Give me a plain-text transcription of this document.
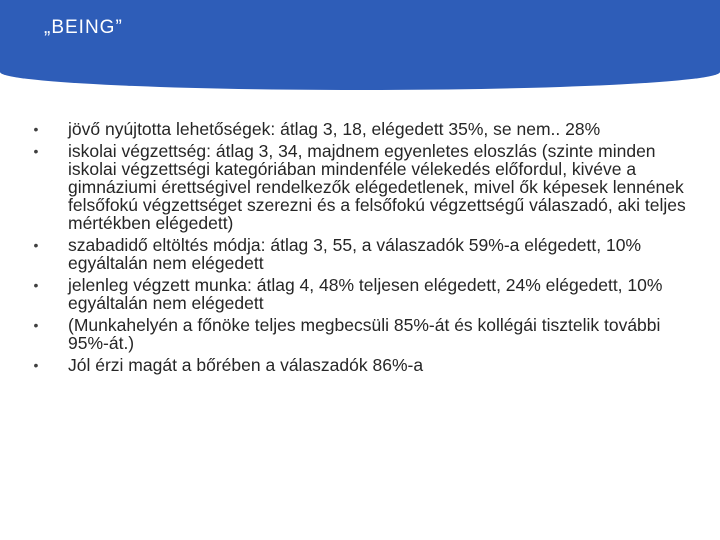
„BEING”
• jövő nyújtotta lehetőségek: átlag 3, 18, elégedett 35%, se nem.. 28%
• iskolai végzettség: átlag 3, 34, majdnem egyenletes eloszlás (szinte minden iskolai végzettségi kategóriában mindenféle vélekedés előfordul, kivéve a gimnáziumi érettségivel rendelkezők elégedetlenek, mivel ők képesek lennének felsőfokú végzettséget szerezni és a felsőfokú végzettségű válaszadó, aki teljes mértékben elégedett)
• szabadidő eltöltés módja: átlag 3, 55, a válaszadók 59%-a elégedett, 10% egyáltalán nem elégedett
• jelenleg végzett munka: átlag 4, 48% teljesen elégedett, 24% elégedett, 10% egyáltalán nem elégedett
• (Munkahelyén a főnöke teljes megbecsüli 85%-át és kollégái tisztelik további 95%-át.)
• Jól érzi magát a bőrében a válaszadók 86%-a
